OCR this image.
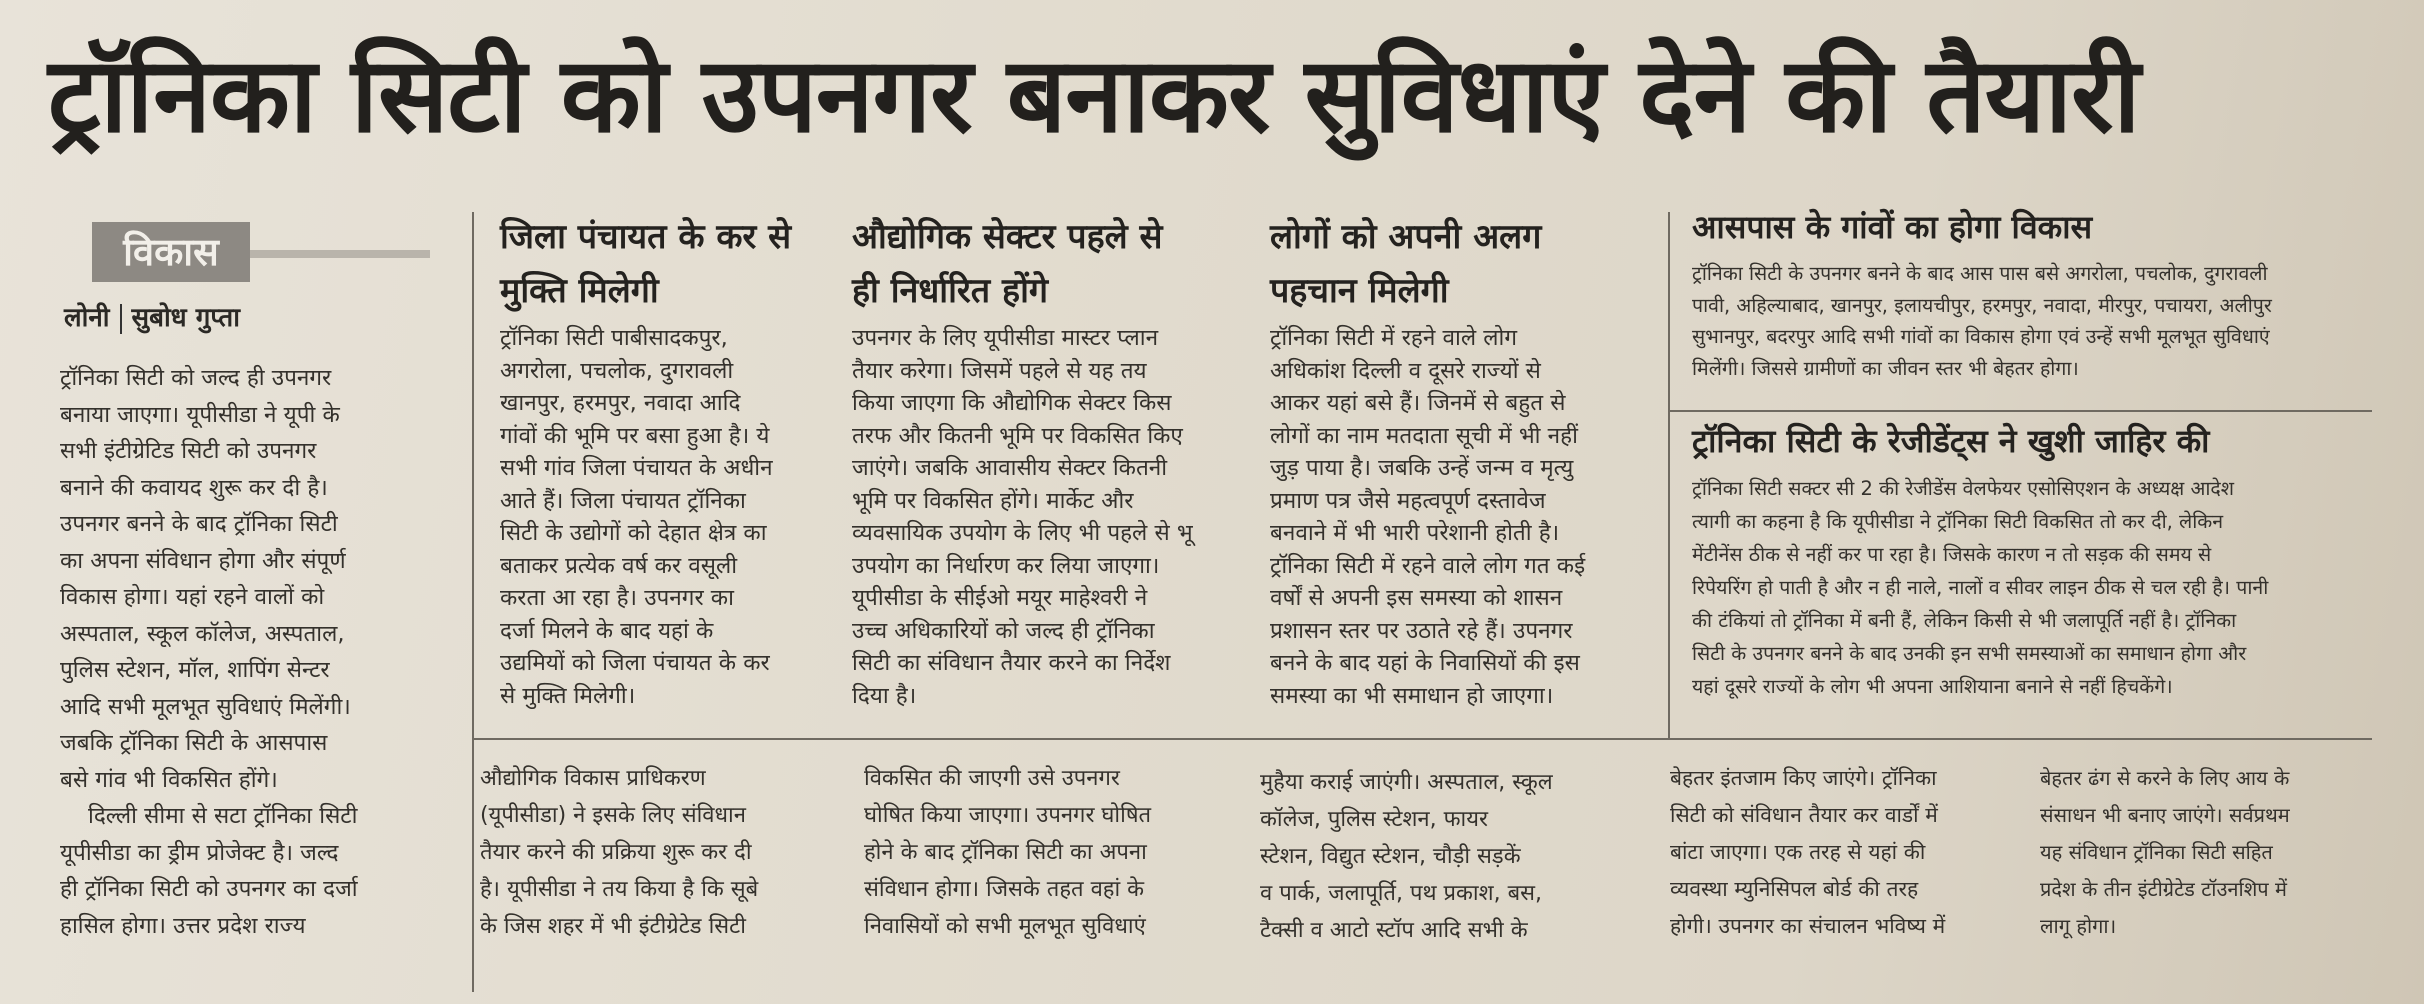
ट्रॉनिका सिटी को उपनगर बनाकर सुविधाएं देने की तैयारी
विकास
लोनी सुबोध गुप्ता
ट्रॉनिका सिटी को जल्द ही उपनगर
बनाया जाएगा। यूपीसीडा ने यूपी के
सभी इंटीग्रेटिड सिटी को उपनगर
बनाने की कवायद शुरू कर दी है।
उपनगर बनने के बाद ट्रॉनिका सिटी
का अपना संविधान होगा और संपूर्ण
विकास होगा। यहां रहने वालों को
अस्पताल, स्कूल कॉलेज, अस्पताल,
पुलिस स्टेशन, मॉल, शापिंग सेन्टर
आदि सभी मूलभूत सुविधाएं मिलेंगी।
जबकि ट्रॉनिका सिटी के आसपास
बसे गांव भी विकसित होंगे।
दिल्ली सीमा से सटा ट्रॉनिका सिटी
यूपीसीडा का ड्रीम प्रोजेक्ट है। जल्द
ही ट्रॉनिका सिटी को उपनगर का दर्जा
हासिल होगा। उत्तर प्रदेश राज्य
जिला पंचायत के कर से मुक्ति मिलेगी
ट्रॉनिका सिटी पाबीसादकपुर,
अगरोला, पचलोक, दुगरावली
खानपुर, हरमपुर, नवादा आदि
गांवों की भूमि पर बसा हुआ है। ये
सभी गांव जिला पंचायत के अधीन
आते हैं। जिला पंचायत ट्रॉनिका
सिटी के उद्योगों को देहात क्षेत्र का
बताकर प्रत्येक वर्ष कर वसूली
करता आ रहा है। उपनगर का
दर्जा मिलने के बाद यहां के
उद्यमियों को जिला पंचायत के कर
से मुक्ति मिलेगी।
औद्योगिक सेक्टर पहले से ही निर्धारित होंगे
उपनगर के लिए यूपीसीडा मास्टर प्लान
तैयार करेगा। जिसमें पहले से यह तय
किया जाएगा कि औद्योगिक सेक्टर किस
तरफ और कितनी भूमि पर विकसित किए
जाएंगे। जबकि आवासीय सेक्टर कितनी
भूमि पर विकसित होंगे। मार्केट और
व्यवसायिक उपयोग के लिए भी पहले से भू
उपयोग का निर्धारण कर लिया जाएगा।
यूपीसीडा के सीईओ मयूर माहेश्वरी ने
उच्च अधिकारियों को जल्द ही ट्रॉनिका
सिटी का संविधान तैयार करने का निर्देश
दिया है।
लोगों को अपनी अलग पहचान मिलेगी
ट्रॉनिका सिटी में रहने वाले लोग
अधिकांश दिल्ली व दूसरे राज्यों से
आकर यहां बसे हैं। जिनमें से बहुत से
लोगों का नाम मतदाता सूची में भी नहीं
जुड़ पाया है। जबकि उन्हें जन्म व मृत्यु
प्रमाण पत्र जैसे महत्वपूर्ण दस्तावेज
बनवाने में भी भारी परेशानी होती है।
ट्रॉनिका सिटी में रहने वाले लोग गत कई
वर्षों से अपनी इस समस्या को शासन
प्रशासन स्तर पर उठाते रहे हैं। उपनगर
बनने के बाद यहां के निवासियों की इस
समस्या का भी समाधान हो जाएगा।
आसपास के गांवों का होगा विकास
ट्रॉनिका सिटी के उपनगर बनने के बाद आस पास बसे अगरोला, पचलोक, दुगरावली
पावी, अहिल्याबाद, खानपुर, इलायचीपुर, हरमपुर, नवादा, मीरपुर, पचायरा, अलीपुर
सुभानपुर, बदरपुर आदि सभी गांवों का विकास होगा एवं उन्हें सभी मूलभूत सुविधाएं
मिलेंगी। जिससे ग्रामीणों का जीवन स्तर भी बेहतर होगा।
ट्रॉनिका सिटी के रेजीडेंट्स ने खुशी जाहिर की
ट्रॉनिका सिटी सक्टर सी 2 की रेजीडेंस वेलफेयर एसोसिएशन के अध्यक्ष आदेश
त्यागी का कहना है कि यूपीसीडा ने ट्रॉनिका सिटी विकसित तो कर दी, लेकिन
मेंटीनेंस ठीक से नहीं कर पा रहा है। जिसके कारण न तो सड़क की समय से
रिपेयरिंग हो पाती है और न ही नाले, नालों व सीवर लाइन ठीक से चल रही है। पानी
की टंकियां तो ट्रॉनिका में बनी हैं, लेकिन किसी से भी जलापूर्ति नहीं है। ट्रॉनिका
सिटी के उपनगर बनने के बाद उनकी इन सभी समस्याओं का समाधान होगा और
यहां दूसरे राज्यों के लोग भी अपना आशियाना बनाने से नहीं हिचकेंगे।
औद्योगिक विकास प्राधिकरण
(यूपीसीडा) ने इसके लिए संविधान
तैयार करने की प्रक्रिया शुरू कर दी
है। यूपीसीडा ने तय किया है कि सूबे
के जिस शहर में भी इंटीग्रेटेड सिटी
विकसित की जाएगी उसे उपनगर
घोषित किया जाएगा। उपनगर घोषित
होने के बाद ट्रॉनिका सिटी का अपना
संविधान होगा। जिसके तहत वहां के
निवासियों को सभी मूलभूत सुविधाएं
मुहैया कराई जाएंगी। अस्पताल, स्कूल
कॉलेज, पुलिस स्टेशन, फायर
स्टेशन, विद्युत स्टेशन, चौड़ी सड़कें
व पार्क, जलापूर्ति, पथ प्रकाश, बस,
टैक्सी व आटो स्टॉप आदि सभी के
बेहतर इंतजाम किए जाएंगे। ट्रॉनिका
सिटी को संविधान तैयार कर वार्डों में
बांटा जाएगा। एक तरह से यहां की
व्यवस्था म्युनिसिपल बोर्ड की तरह
होगी। उपनगर का संचालन भविष्य में
बेहतर ढंग से करने के लिए आय के
संसाधन भी बनाए जाएंगे। सर्वप्रथम
यह संविधान ट्रॉनिका सिटी सहित
प्रदेश के तीन इंटीग्रेटेड टॉउनशिप में
लागू होगा।
